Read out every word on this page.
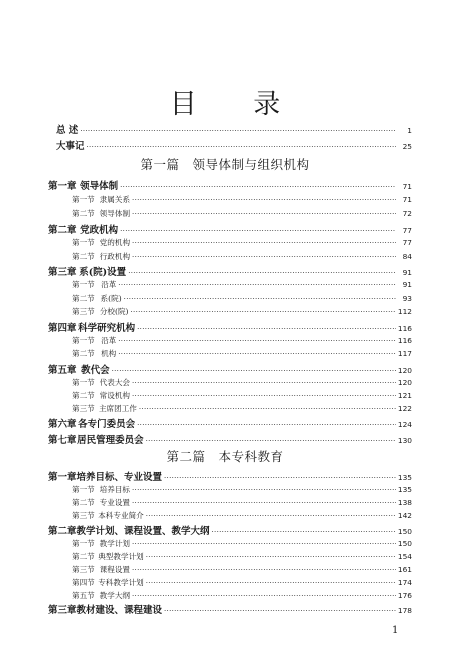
目 录
总 述 ·····	1
大事记 ·····	25
第一篇　领导体制与组织机构
第一章 领导体制 ·····	71
第一节 隶属关系 ·····	71
第二节 领导体制 ·····	72
第二章 党政机构 ·····	77
第一节 党的机构 ·····	77
第二节 行政机构 ·····	84
第三章 系(院)设置 ·····	91
第一节 沿革 ·····	91
第二节 系(院) ·····	93
第三节 分校(院) ·····	112
第四章 科学研究机构 ·····	116
第一节 沿革 ·····	116
第二节 机构 ·····	117
第五章 教代会 ·····	120
第一节 代表大会 ·····	120
第二节 常设机构 ·····	121
第三节 主席团工作 ·····	122
第六章 各专门委员会 ·····	124
第七章 居民管理委员会 ·····	130
第二篇　本专科教育
第一章 培养目标、专业设置 ·····	135
第一节 培养目标 ·····	135
第二节 专业设置 ·····	138
第三节 本科专业简介 ·····	142
第二章 教学计划、课程设置、教学大纲 ·····	150
第一节 教学计划 ·····	150
第二节 典型教学计划 ·····	154
第三节 课程设置 ·····	161
第四节 专科教学计划 ·····	174
第五节 教学大纲 ·····	176
第三章 教材建设、课程建设 ·····	178
1
